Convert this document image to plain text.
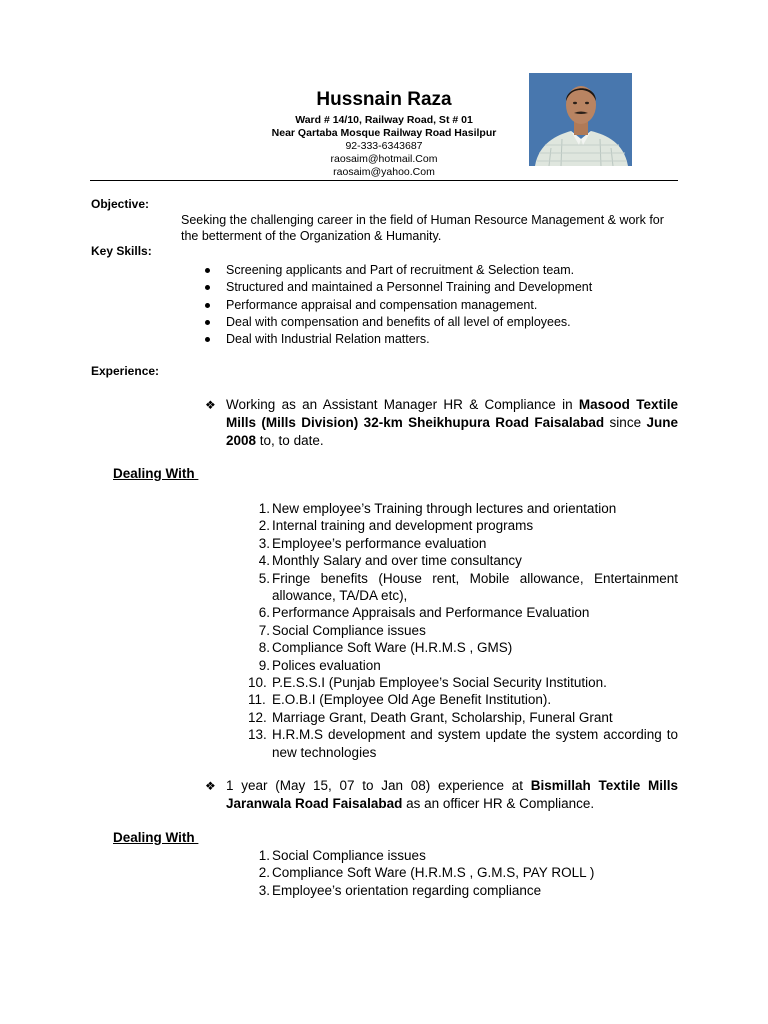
Hussnain Raza
Ward # 14/10, Railway Road, St # 01
Near Qartaba Mosque Railway Road Hasilpur
92-333-6343687
raosaim@hotmail.Com
raosaim@yahoo.Com
Objective:
Seeking the challenging career in the field of Human Resource Management & work for the betterment of the Organization & Humanity.
Key Skills:
Screening applicants and Part of recruitment & Selection team.
Structured and maintained a Personnel Training and Development
Performance appraisal and compensation management.
Deal with compensation and benefits of all level of employees.
Deal with Industrial Relation matters.
Experience:
❖ Working as an Assistant Manager HR & Compliance in Masood Textile Mills (Mills Division) 32-km Sheikhupura Road Faisalabad since June 2008 to, to date.
Dealing With
1. New employee’s Training through lectures and orientation
2. Internal training and development programs
3. Employee’s performance evaluation
4. Monthly Salary and over time consultancy
5. Fringe benefits (House rent, Mobile allowance, Entertainment allowance, TA/DA etc),
6. Performance Appraisals and Performance Evaluation
7. Social Compliance issues
8. Compliance Soft Ware (H.R.M.S , GMS)
9. Polices evaluation
10. P.E.S.S.I (Punjab Employee’s Social Security Institution.
11. E.O.B.I (Employee Old Age Benefit Institution).
12. Marriage Grant, Death Grant, Scholarship, Funeral Grant
13. H.R.M.S development and system update the system according to new technologies
❖ 1 year (May 15, 07 to Jan 08) experience at Bismillah Textile Mills Jaranwala Road Faisalabad as an officer HR & Compliance.
Dealing With
1. Social Compliance issues
2. Compliance Soft Ware (H.R.M.S , G.M.S, PAY ROLL )
3. Employee’s orientation regarding compliance
